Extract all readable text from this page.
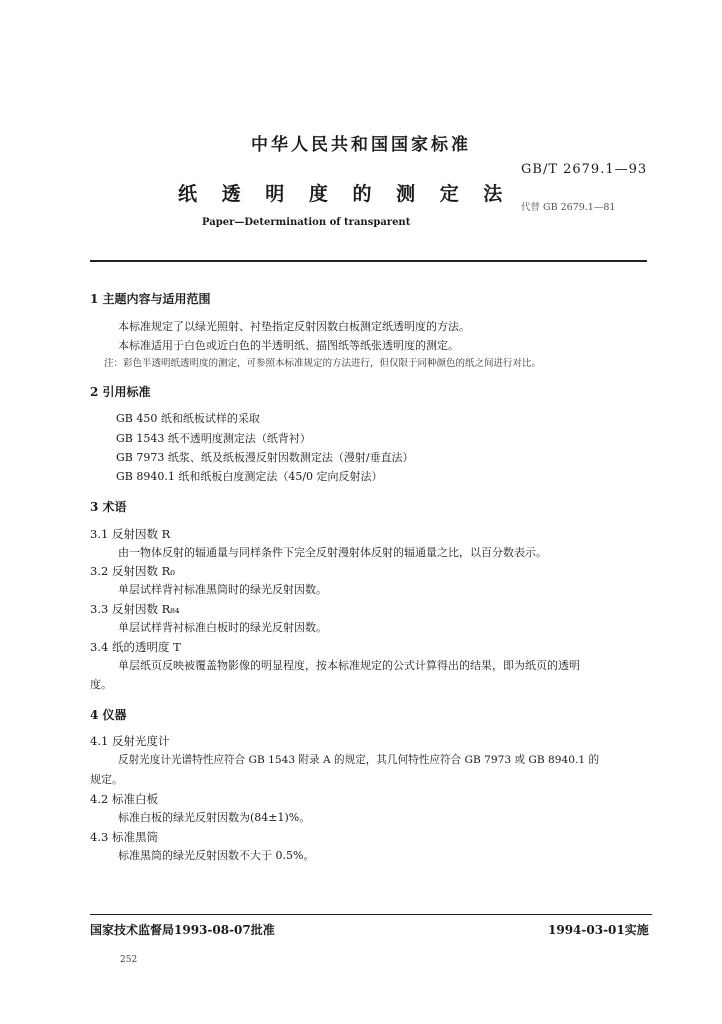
中华人民共和国国家标准
GB/T 2679.1—93
纸 透 明 度 的 测 定 法
代替 GB 2679.1—81
Paper—Determination of transparent
1 主题内容与适用范围
本标准规定了以绿光照射、衬垫指定反射因数白板测定纸透明度的方法。
本标准适用于白色或近白色的半透明纸、描图纸等纸张透明度的测定。
注：彩色半透明纸透明度的测定，可参照本标准规定的方法进行，但仅限于同种颜色的纸之间进行对比。
2 引用标准
GB 450 纸和纸板试样的采取
GB 1543 纸不透明度测定法（纸背衬）
GB 7973 纸浆、纸及纸板漫反射因数测定法（漫射/垂直法）
GB 8940.1 纸和纸板白度测定法（45/0 定向反射法）
3 术语
3.1 反射因数 R
由一物体反射的辐通量与同样条件下完全反射漫射体反射的辐通量之比，以百分数表示。
3.2 反射因数 R₀
单层试样背衬标准黑筒时的绿光反射因数。
3.3 反射因数 R₈₄
单层试样背衬标准白板时的绿光反射因数。
3.4 纸的透明度 T
单层纸页反映被覆盖物影像的明显程度，按本标准规定的公式计算得出的结果，即为纸页的透明
度。
4 仪器
4.1 反射光度计
反射光度计光谱特性应符合 GB 1543 附录 A 的规定，其几何特性应符合 GB 7973 或 GB 8940.1 的
规定。
4.2 标准白板
标准白板的绿光反射因数为(84±1)%。
4.3 标准黑筒
标准黑筒的绿光反射因数不大于 0.5%。
国家技术监督局1993-08-07批准	1994-03-01实施
252
